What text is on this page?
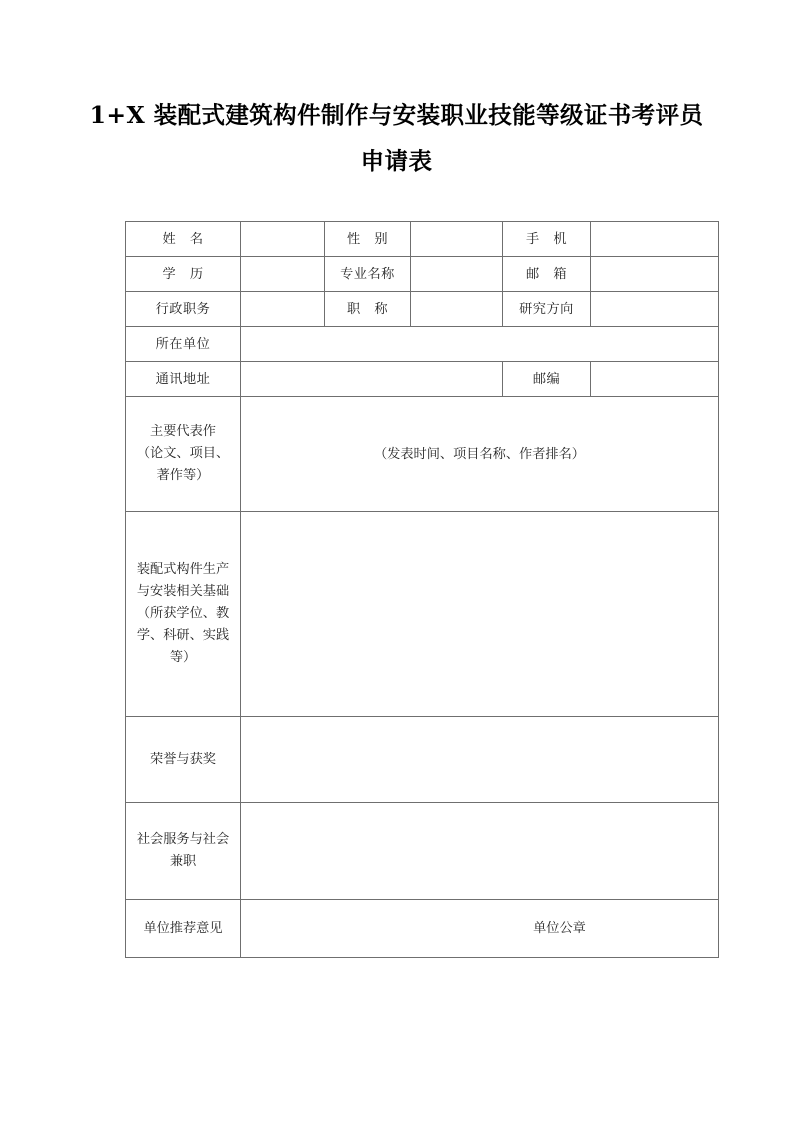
1+X 装配式建筑构件制作与安装职业技能等级证书考评员
申请表
姓　名		性　别		手　机	
学　历		专业名称		邮　箱	
行政职务		职　称		研究方向	
所在单位					
通讯地址				邮编	
主要代表作
（论文、项目、
著作等）	（发表时间、项目名称、作者排名）				
装配式构件生产
与安装相关基础
（所获学位、教
学、科研、实践
等）					
荣誉与获奖					
社会服务与社会
兼职					
单位推荐意见	单位公章				
